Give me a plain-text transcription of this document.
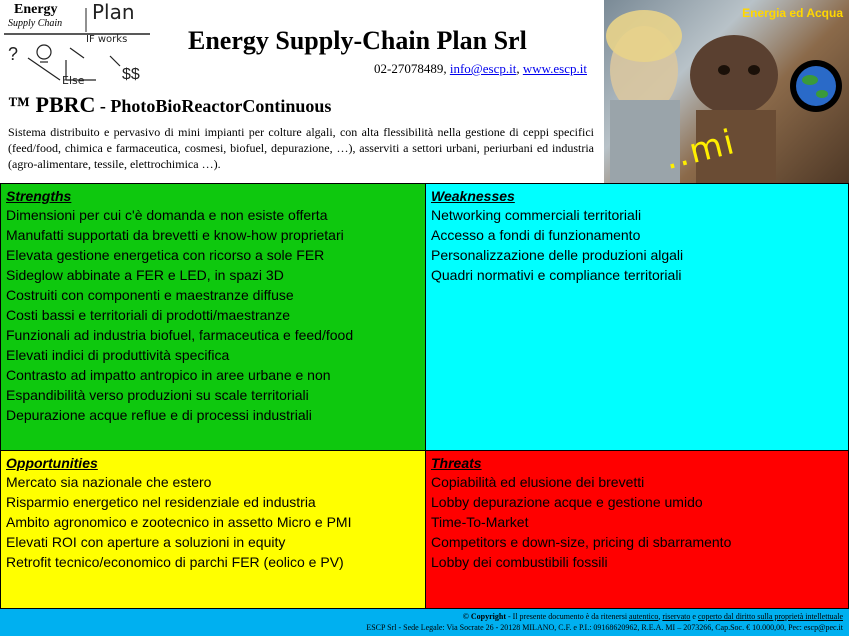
Energy
Supply Chain Plan
IF works
Else $$
?	Energy Supply-Chain Plan Srl
02-27078489, info@escp.it, www.escp.it
™ PBRC - PhotoBioReactorContinuous
Sistema distribuito e pervasivo di mini impianti per colture algali, con alta flessibilità nella gestione di ceppi specifici (feed/food, chimica e farmaceutica, cosmesi, biofuel, depurazione, …), asserviti a settori urbani, periurbani ed industria (agro-alimentare, tessile, elettrochimica …).
Energia ed Acqua
..mi
Strengths
Dimensioni per cui c'è domanda e non esiste offerta
Manufatti supportati da brevetti e know-how proprietari
Elevata gestione energetica con ricorso a sole FER
Sideglow abbinate a FER e LED, in spazi 3D
Costruiti con componenti e maestranze diffuse
Costi bassi e territoriali di prodotti/maestranze
Funzionali ad industria biofuel, farmaceutica e feed/food
Elevati indici di produttività specifica
Contrasto ad impatto antropico in aree urbane e non
Espandibilità verso produzioni su scale territoriali
Depurazione acque reflue e di processi industriali
Weaknesses
Networking commerciali territoriali
Accesso a fondi di funzionamento
Personalizzazione delle produzioni algali
Quadri normativi e compliance territoriali
Opportunities
Mercato sia nazionale che estero
Risparmio energetico nel residenziale ed industria
Ambito agronomico e zootecnico in assetto Micro e PMI
Elevati ROI con aperture a soluzioni in equity
Retrofit tecnico/economico di parchi FER (eolico e PV)
Threats
Copiabilità ed elusione dei brevetti
Lobby depurazione acque e gestione umido
Time-To-Market
Competitors e down-size, pricing di sbarramento
Lobby dei combustibili fossili
© Copyright - Il presente documento è da ritenersi autentico, riservato e coperto dal diritto sulla proprietà intellettuale
ESCP Srl - Sede Legale: Via Socrate 26 - 20128 MILANO, C.F. e P.I.: 09168620962, R.E.A. MI – 2073266, Cap.Soc. € 10.000,00, Pec: escp@pec.it
